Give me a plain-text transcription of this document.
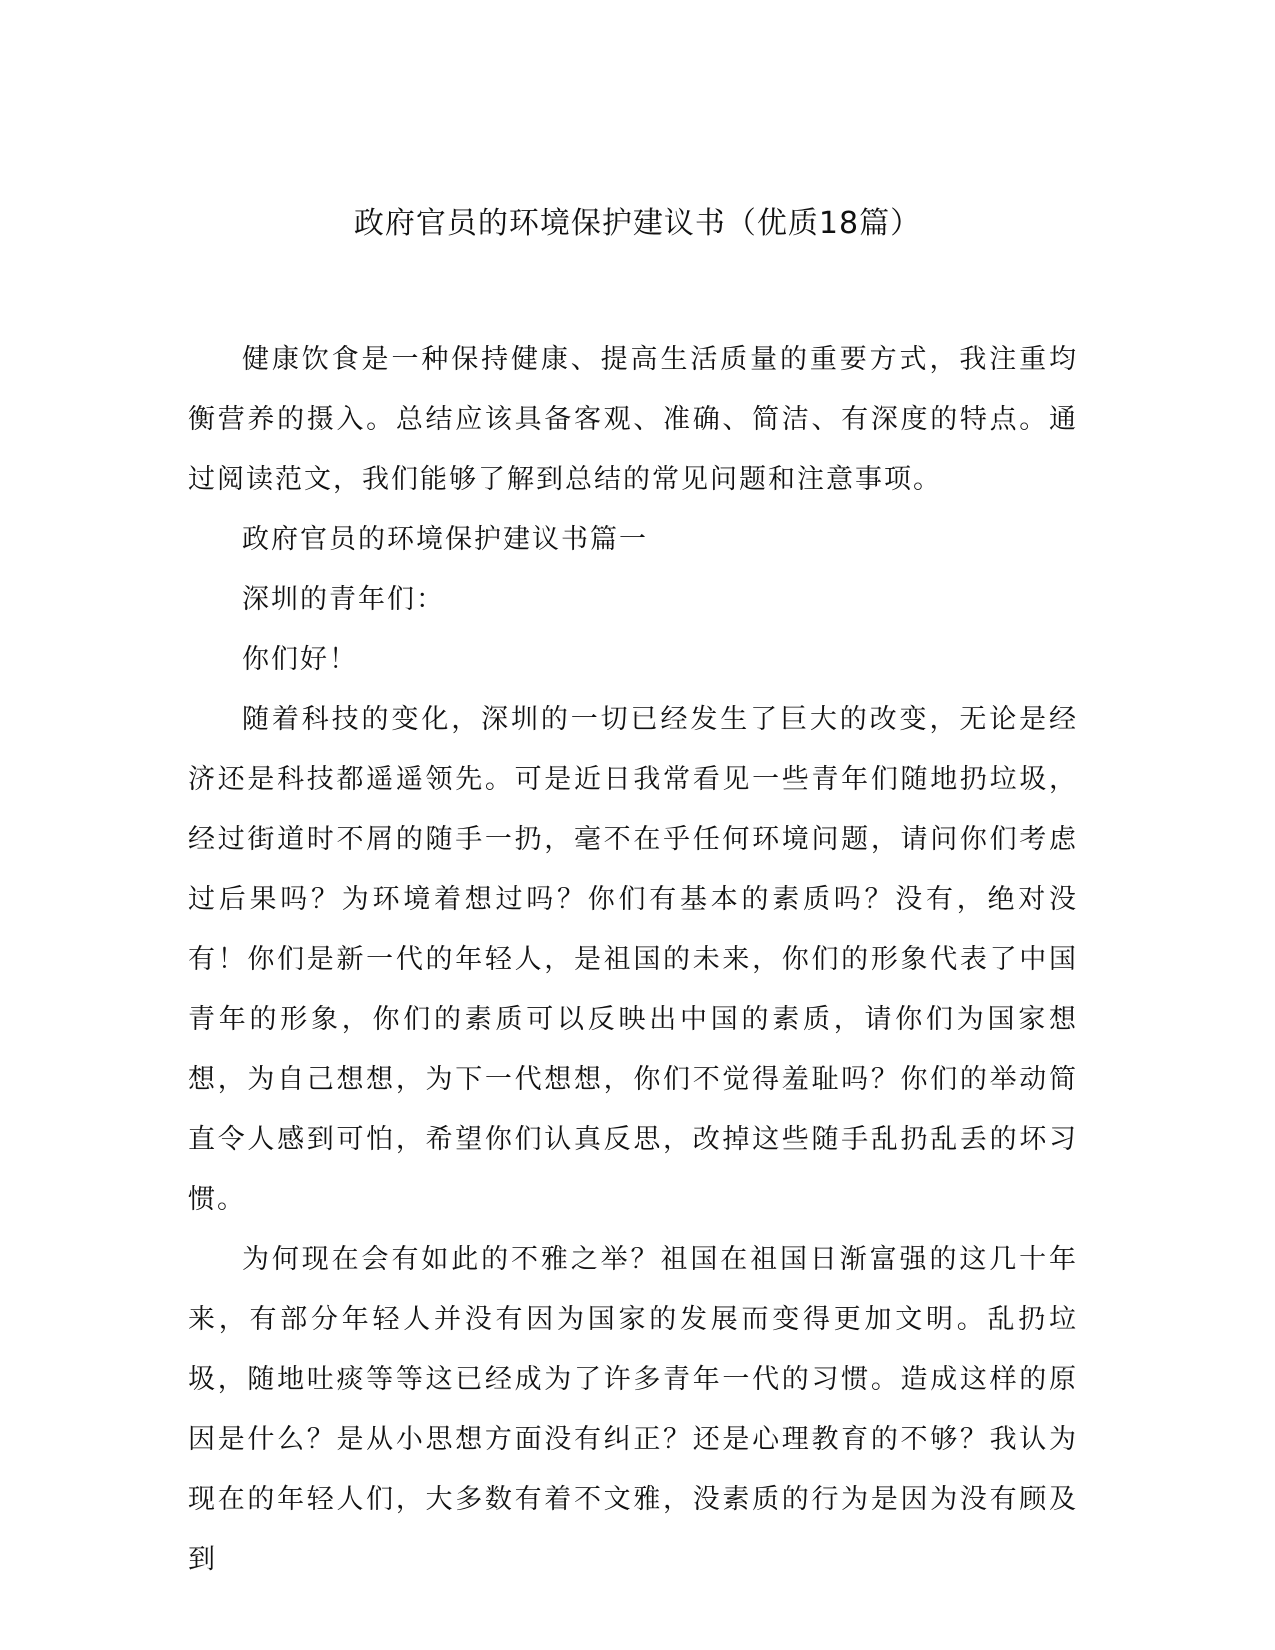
政府官员的环境保护建议书（优质18篇）

健康饮食是一种保持健康、提高生活质量的重要方式，我注重均衡营养的摄入。总结应该具备客观、准确、简洁、有深度的特点。通过阅读范文，我们能够了解到总结的常见问题和注意事项。

政府官员的环境保护建议书篇一

深圳的青年们：

你们好！

随着科技的变化，深圳的一切已经发生了巨大的改变，无论是经济还是科技都遥遥领先。可是近日我常看见一些青年们随地扔垃圾，经过街道时不屑的随手一扔，毫不在乎任何环境问题，请问你们考虑过后果吗？为环境着想过吗？你们有基本的素质吗？没有，绝对没有！你们是新一代的年轻人，是祖国的未来，你们的形象代表了中国青年的形象，你们的素质可以反映出中国的素质，请你们为国家想想，为自己想想，为下一代想想，你们不觉得羞耻吗？你们的举动简直令人感到可怕，希望你们认真反思，改掉这些随手乱扔乱丢的坏习惯。

为何现在会有如此的不雅之举？祖国在祖国日渐富强的这几十年来，有部分年轻人并没有因为国家的发展而变得更加文明。乱扔垃圾，随地吐痰等等这已经成为了许多青年一代的习惯。造成这样的原因是什么？是从小思想方面没有纠正？还是心理教育的不够？我认为现在的年轻人们，大多数有着不文雅，没素质的行为是因为没有顾及到
